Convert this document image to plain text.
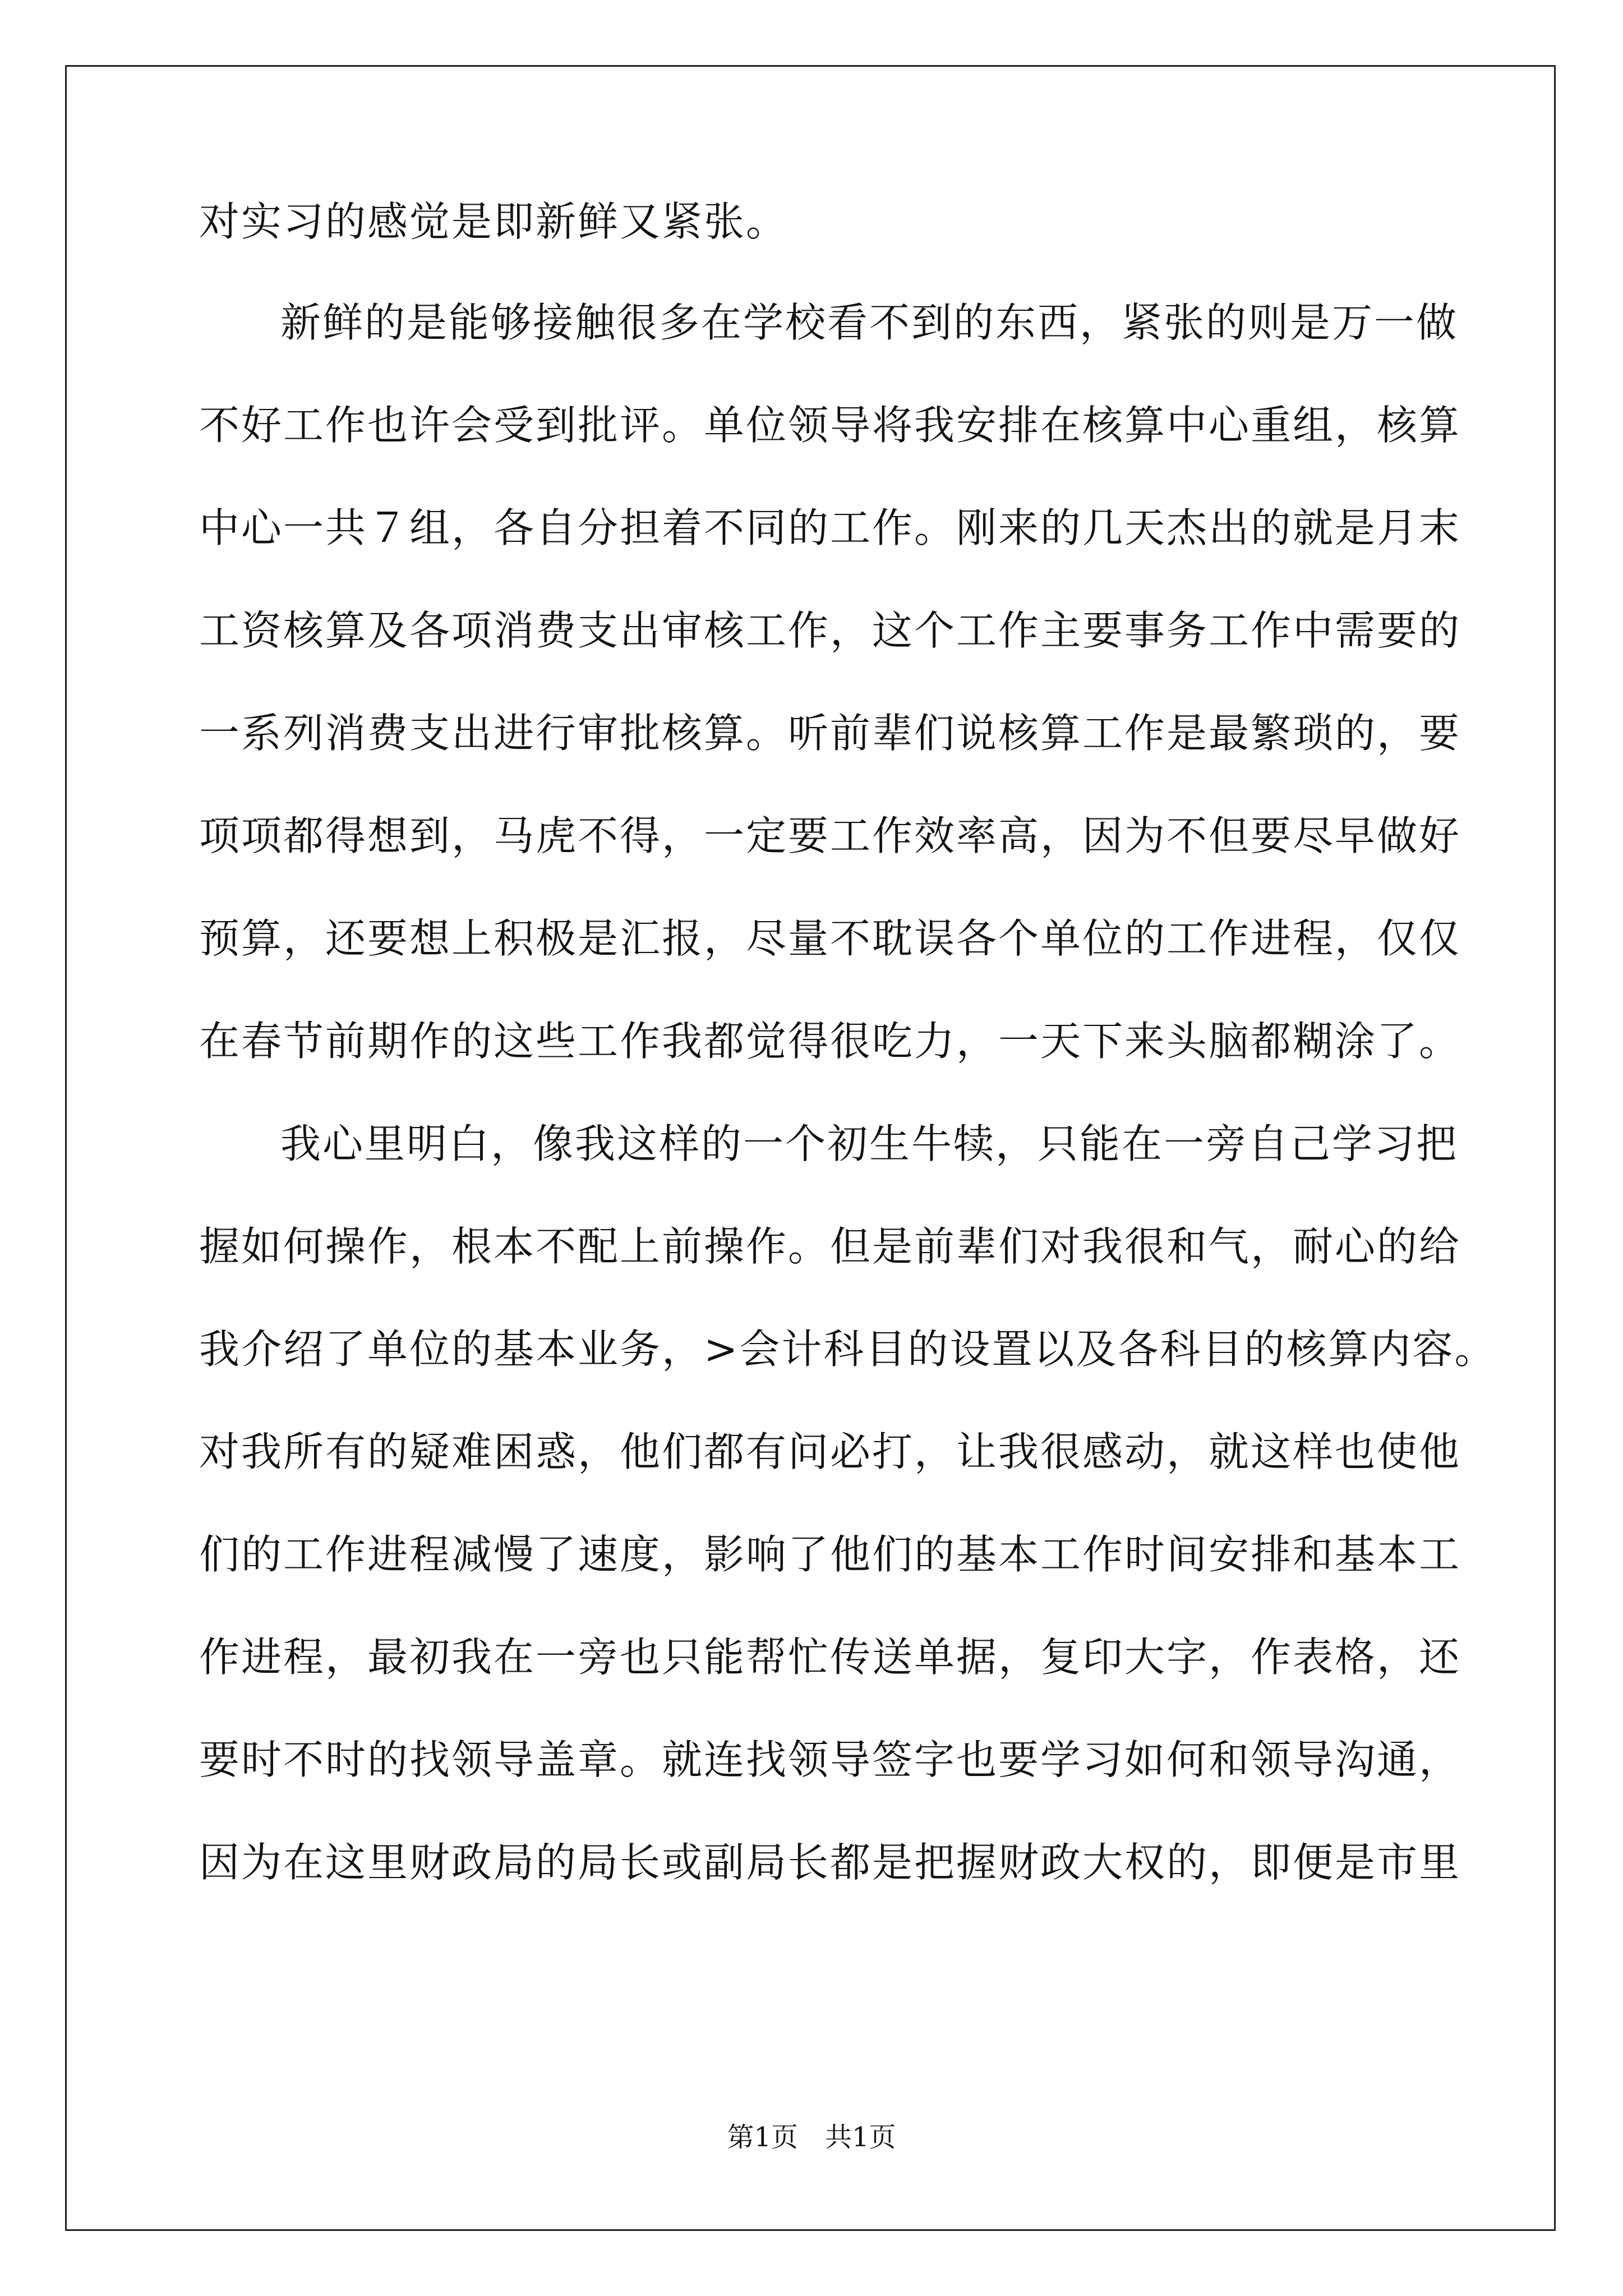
对实习的感觉是即新鲜又紧张。
新鲜的是能够接触很多在学校看不到的东西，紧张的则是万一做
不好工作也许会受到批评。单位领导将我安排在核算中心重组，核算
中心一共７组，各自分担着不同的工作。刚来的几天杰出的就是月末
工资核算及各项消费支出审核工作，这个工作主要事务工作中需要的
一系列消费支出进行审批核算。听前辈们说核算工作是最繁琐的，要
项项都得想到，马虎不得，一定要工作效率高，因为不但要尽早做好
预算，还要想上积极是汇报，尽量不耽误各个单位的工作进程，仅仅
在春节前期作的这些工作我都觉得很吃力，一天下来头脑都糊涂了。
我心里明白，像我这样的一个初生牛犊，只能在一旁自己学习把
握如何操作，根本不配上前操作。但是前辈们对我很和气，耐心的给
我介绍了单位的基本业务，>会计科目的设置以及各科目的核算内容。
对我所有的疑难困惑，他们都有问必打，让我很感动，就这样也使他
们的工作进程减慢了速度，影响了他们的基本工作时间安排和基本工
作进程，最初我在一旁也只能帮忙传送单据，复印大字，作表格，还
要时不时的找领导盖章。就连找领导签字也要学习如何和领导沟通，
因为在这里财政局的局长或副局长都是把握财政大权的，即便是市里
第1页　共1页
